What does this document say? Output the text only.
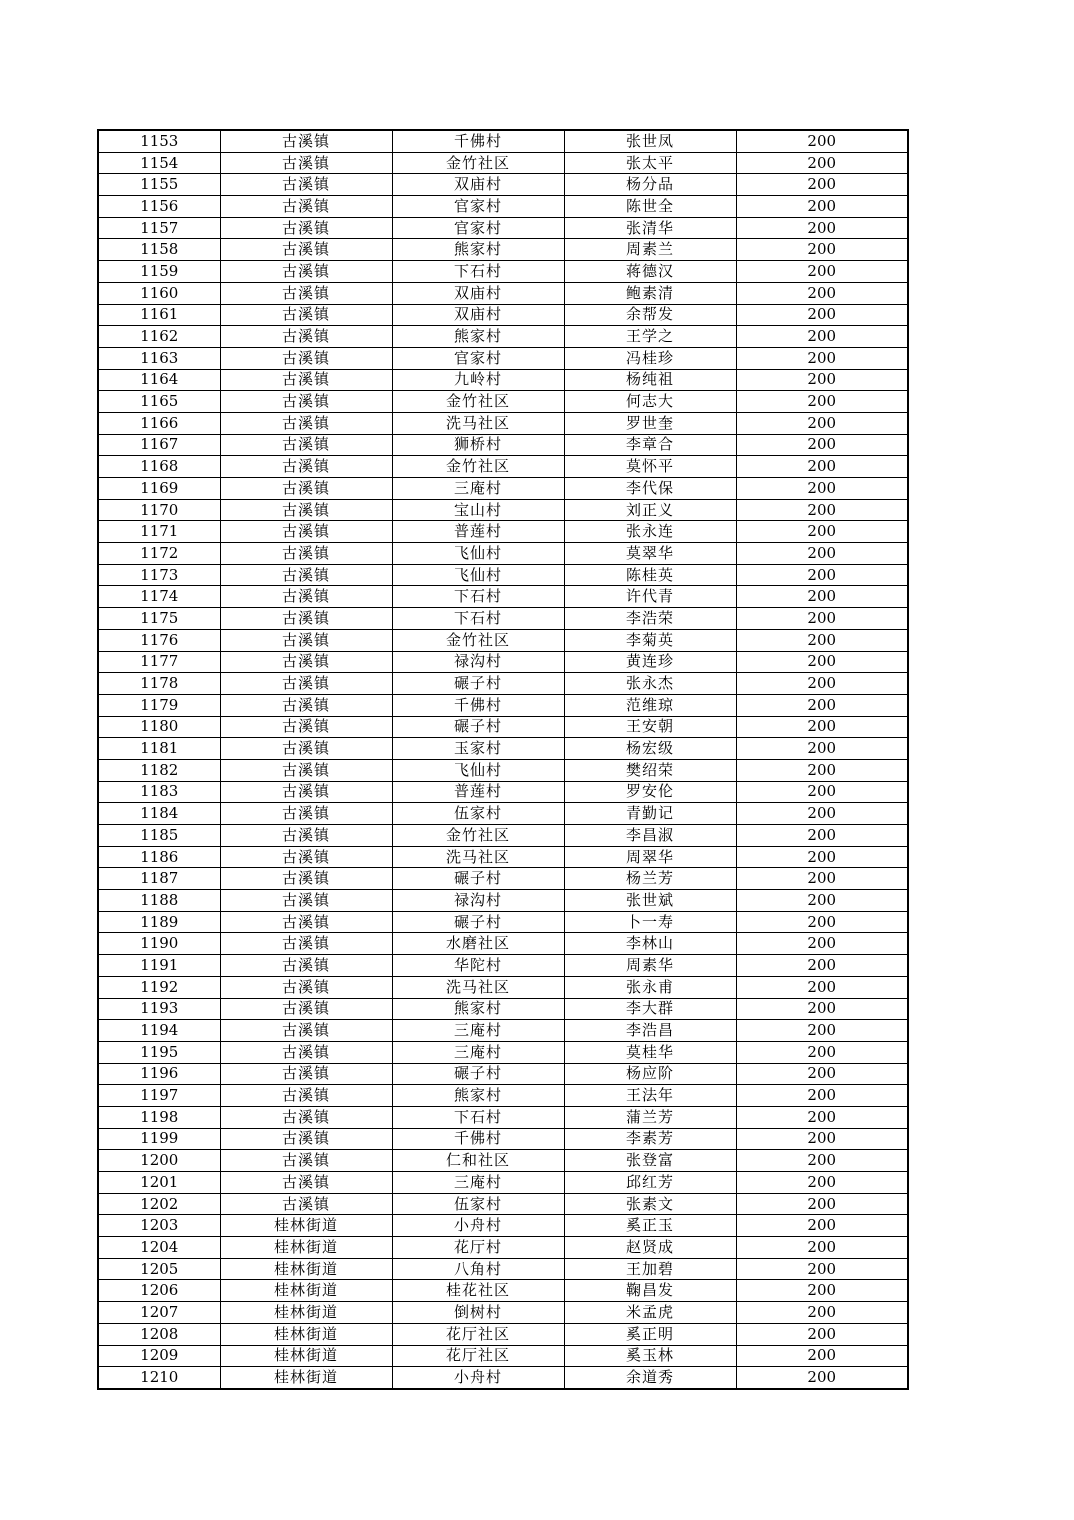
1153	古溪镇	千佛村	张世凤	200
1154	古溪镇	金竹社区	张太平	200
1155	古溪镇	双庙村	杨分品	200
1156	古溪镇	官家村	陈世全	200
1157	古溪镇	官家村	张清华	200
1158	古溪镇	熊家村	周素兰	200
1159	古溪镇	下石村	蒋德汉	200
1160	古溪镇	双庙村	鲍素清	200
1161	古溪镇	双庙村	余帮发	200
1162	古溪镇	熊家村	王学之	200
1163	古溪镇	官家村	冯桂珍	200
1164	古溪镇	九岭村	杨纯祖	200
1165	古溪镇	金竹社区	何志大	200
1166	古溪镇	洗马社区	罗世奎	200
1167	古溪镇	狮桥村	李章合	200
1168	古溪镇	金竹社区	莫怀平	200
1169	古溪镇	三庵村	李代保	200
1170	古溪镇	宝山村	刘正义	200
1171	古溪镇	普莲村	张永连	200
1172	古溪镇	飞仙村	莫翠华	200
1173	古溪镇	飞仙村	陈桂英	200
1174	古溪镇	下石村	许代青	200
1175	古溪镇	下石村	李浩荣	200
1176	古溪镇	金竹社区	李菊英	200
1177	古溪镇	禄沟村	黄连珍	200
1178	古溪镇	碾子村	张永杰	200
1179	古溪镇	千佛村	范维琼	200
1180	古溪镇	碾子村	王安朝	200
1181	古溪镇	玉家村	杨宏级	200
1182	古溪镇	飞仙村	樊绍荣	200
1183	古溪镇	普莲村	罗安伦	200
1184	古溪镇	伍家村	青勤记	200
1185	古溪镇	金竹社区	李昌淑	200
1186	古溪镇	洗马社区	周翠华	200
1187	古溪镇	碾子村	杨兰芳	200
1188	古溪镇	禄沟村	张世斌	200
1189	古溪镇	碾子村	卜一寿	200
1190	古溪镇	水磨社区	李林山	200
1191	古溪镇	华陀村	周素华	200
1192	古溪镇	洗马社区	张永甫	200
1193	古溪镇	熊家村	李大群	200
1194	古溪镇	三庵村	李浩昌	200
1195	古溪镇	三庵村	莫桂华	200
1196	古溪镇	碾子村	杨应阶	200
1197	古溪镇	熊家村	王法年	200
1198	古溪镇	下石村	蒲兰芳	200
1199	古溪镇	千佛村	李素芳	200
1200	古溪镇	仁和社区	张登富	200
1201	古溪镇	三庵村	邱红芳	200
1202	古溪镇	伍家村	张素文	200
1203	桂林街道	小舟村	奚正玉	200
1204	桂林街道	花厅村	赵贤成	200
1205	桂林街道	八角村	王加碧	200
1206	桂林街道	桂花社区	鞠昌发	200
1207	桂林街道	倒树村	米孟虎	200
1208	桂林街道	花厅社区	奚正明	200
1209	桂林街道	花厅社区	奚玉林	200
1210	桂林街道	小舟村	余道秀	200
